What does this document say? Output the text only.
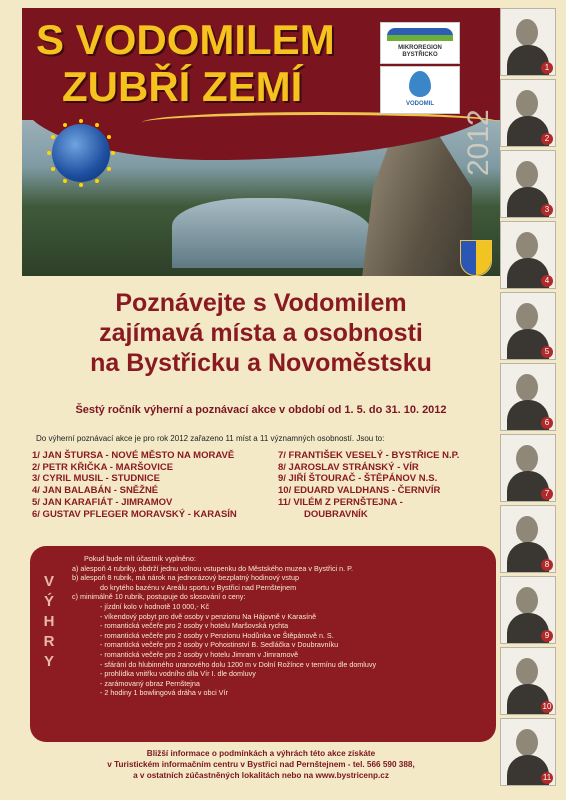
S VODOMILEM
ZUBŘÍ ZEMÍ
MIKROREGION BYSTŘICKO
VODOMIL
2012
1
2
3
4
5
6
7
8
9
10
11
Poznávejte s Vodomilem
zajímavá místa a osobnosti
na Bystřicku a Novoměstsku
Šestý ročník výherní a poznávací akce v období od 1. 5. do 31. 10. 2012
Do výherní poznávací akce je pro rok 2012 zařazeno 11 míst a 11 významných osobností. Jsou to:
1/ JAN ŠTURSA - NOVÉ MĚSTO NA MORAVĚ
2/ PETR KŘIČKA - MARŠOVICE
3/ CYRIL MUSIL - STUDNICE
4/ JAN BALABÁN - SNĚŽNÉ
5/ JAN KARAFIÁT - JIMRAMOV
6/ GUSTAV PFLEGER MORAVSKÝ - KARASÍN
7/ FRANTIŠEK VESELÝ - BYSTŘICE N.P.
8/ JAROSLAV STRÁNSKÝ - VÍR
9/ JIŘÍ ŠTOURAČ - ŠTĚPÁNOV N.S.
10/ EDUARD VALDHANS - ČERNVÍR
11/ VILÉM Z PERNŠTEJNA -
DOUBRAVNÍK
V
Ý
H
R
Y
Pokud bude mít účastník vyplněno:
a) alespoň 4 rubriky, obdrží jednu volnou vstupenku do Městského muzea v Bystřici n. P.
b) alespoň 8 rubrik, má nárok na jednorázový bezplatný hodinový vstup
do krytého bazénu v Areálu sportu v Bystřici nad Pernštejnem
c) minimálně 10 rubrik, postupuje do slosování o ceny:
- jízdní kolo v hodnotě 10 000,- Kč
- víkendový pobyt pro dvě osoby v penzionu Na Hájovně v Karasíně
- romantická večeře pro 2 osoby v hotelu Maršovská rychta
- romantická večeře pro 2 osoby v Penzionu Hodůnka ve Štěpánově n. S.
- romantická večeře pro 2 osoby v Pohostinství B. Sedláčka v Doubravníku
- romantická večeře pro 2 osoby v hotelu Jimram v Jimramově
- sfárání do hlubinného uranového dolu 1200 m v Dolní Rožínce v termínu dle domluvy
- prohlídka vnitřku vodního díla Vír I. dle domluvy
- zarámovaný obraz Pernštejna
- 2 hodiny 1 bowlingová dráha v obci Vír
Bližší informace o podmínkách a výhrách této akce získáte
v Turistickém informačním centru v Bystřici nad Pernštejnem - tel. 566 590 388,
a v ostatních zúčastněných lokalitách nebo na www.bystricenp.cz
